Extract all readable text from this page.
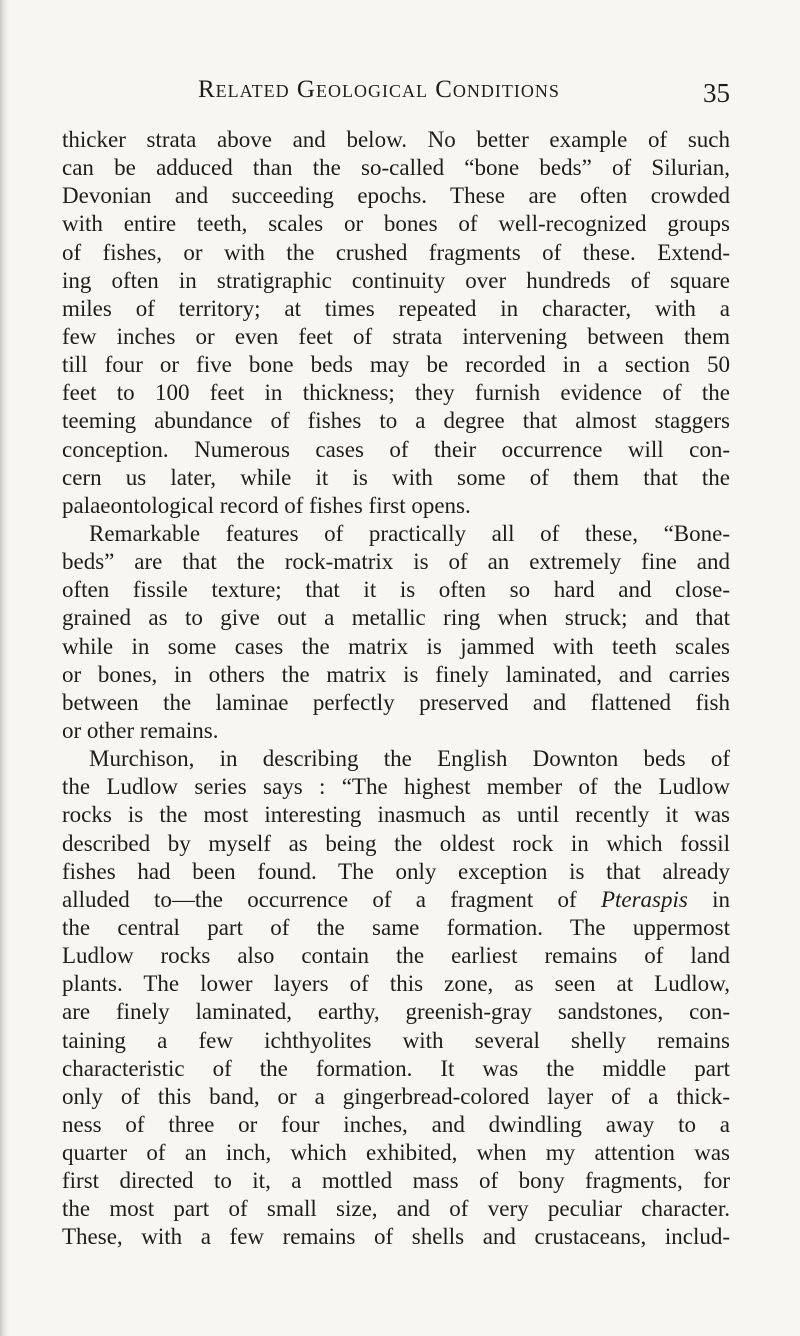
Related Geological Conditions	35
thicker strata above and below. No better example of such
can be adduced than the so-called “bone beds” of Silurian,
Devonian and succeeding epochs. These are often crowded
with entire teeth, scales or bones of well-recognized groups
of fishes, or with the crushed fragments of these. Extend-
ing often in stratigraphic continuity over hundreds of square
miles of territory; at times repeated in character, with a
few inches or even feet of strata intervening between them
till four or five bone beds may be recorded in a section 50
feet to 100 feet in thickness; they furnish evidence of the
teeming abundance of fishes to a degree that almost staggers
conception. Numerous cases of their occurrence will con-
cern us later, while it is with some of them that the
palaeontological record of fishes first opens.
Remarkable features of practically all of these, “Bone-
beds” are that the rock-matrix is of an extremely fine and
often fissile texture; that it is often so hard and close-
grained as to give out a metallic ring when struck; and that
while in some cases the matrix is jammed with teeth scales
or bones, in others the matrix is finely laminated, and carries
between the laminae perfectly preserved and flattened fish
or other remains.
Murchison, in describing the English Downton beds of
the Ludlow series says : “The highest member of the Ludlow
rocks is the most interesting inasmuch as until recently it was
described by myself as being the oldest rock in which fossil
fishes had been found. The only exception is that already
alluded to—the occurrence of a fragment of Pteraspis in
the central part of the same formation. The uppermost
Ludlow rocks also contain the earliest remains of land
plants. The lower layers of this zone, as seen at Ludlow,
are finely laminated, earthy, greenish-gray sandstones, con-
taining a few ichthyolites with several shelly remains
characteristic of the formation. It was the middle part
only of this band, or a gingerbread-colored layer of a thick-
ness of three or four inches, and dwindling away to a
quarter of an inch, which exhibited, when my attention was
first directed to it, a mottled mass of bony fragments, for
the most part of small size, and of very peculiar character.
These, with a few remains of shells and crustaceans, includ-
